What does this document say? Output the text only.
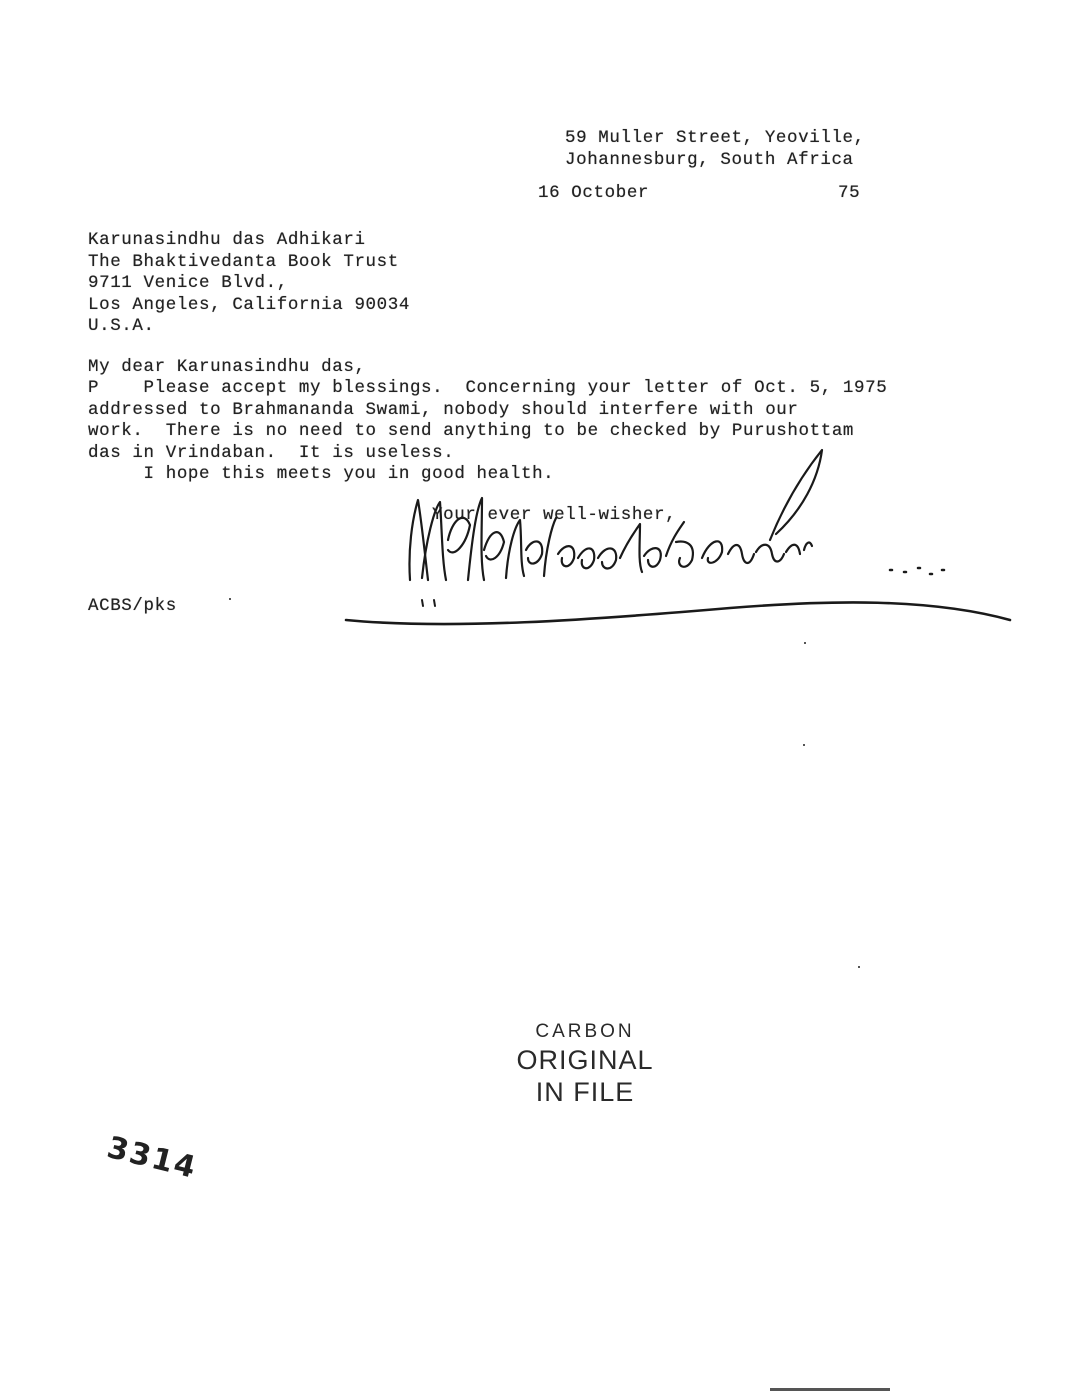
59 Muller Street, Yeoville,
Johannesburg, South Africa
16 October	75
Karunasindhu das Adhikari
The Bhaktivedanta Book Trust
9711 Venice Blvd.,
Los Angeles, California 90034
U.S.A.
My dear Karunasindhu das,
P    Please accept my blessings.  Concerning your letter of Oct. 5, 1975
addressed to Brahmananda Swami, nobody should interfere with our
work.  There is no need to send anything to be checked by Purushottam
das in Vrindaban.  It is useless.
I hope this meets you in good health.
Your ever well-wisher,
ACBS/pks
CARBON
ORIGINAL
IN FILE
3314
